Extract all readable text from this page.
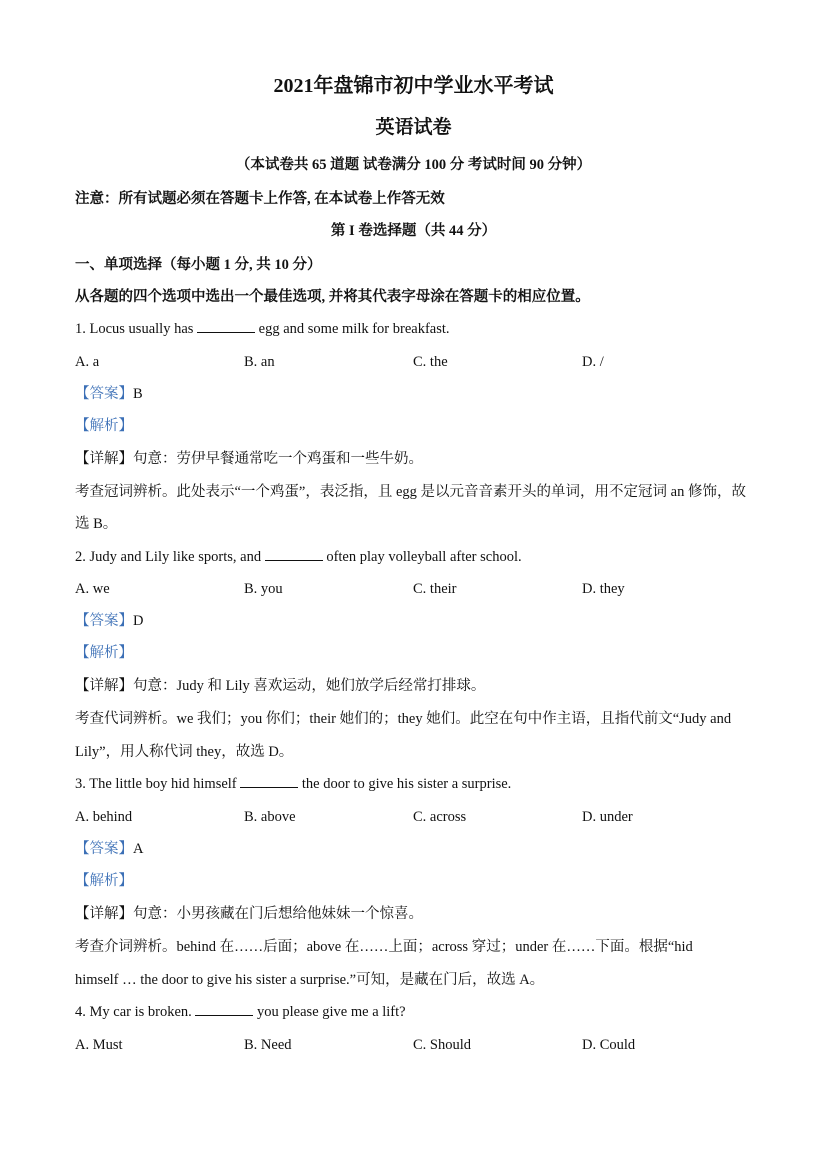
2021年盘锦市初中学业水平考试
英语试卷
（本试卷共 65 道题 试卷满分 100 分 考试时间 90 分钟）
注意：所有试题必须在答题卡上作答, 在本试卷上作答无效
第 I 卷选择题（共 44 分）
一、单项选择（每小题 1 分, 共 10 分）
从各题的四个选项中选出一个最佳选项, 并将其代表字母涂在答题卡的相应位置。
1. Locus usually has	egg and some milk for breakfast.
A. a	B. an	C. the	D. /
【答案】B
【解析】
【详解】句意：劳伊早餐通常吃一个鸡蛋和一些牛奶。
考查冠词辨析。此处表示“一个鸡蛋”，表泛指，且 egg 是以元音音素开头的单词，用不定冠词 an 修饰，故
选 B。
2. Judy and Lily like sports, and	often play volleyball after school.
A. we	B. you	C. their	D. they
【答案】D
【解析】
【详解】句意：Judy 和 Lily 喜欢运动，她们放学后经常打排球。
考查代词辨析。we 我们；you 你们；their 她们的；they 她们。此空在句中作主语，且指代前文“Judy and
Lily”，用人称代词 they，故选 D。
3. The little boy hid himself	the door to give his sister a surprise.
A. behind	B. above	C. across	D. under
【答案】A
【解析】
【详解】句意：小男孩藏在门后想给他妹妹一个惊喜。
考查介词辨析。behind 在……后面；above 在……上面；across 穿过；under 在……下面。根据“hid
himself … the door to give his sister a surprise.”可知，是藏在门后，故选 A。
4. My car is broken.	you please give me a lift?
A. Must	B. Need	C. Should	D. Could
